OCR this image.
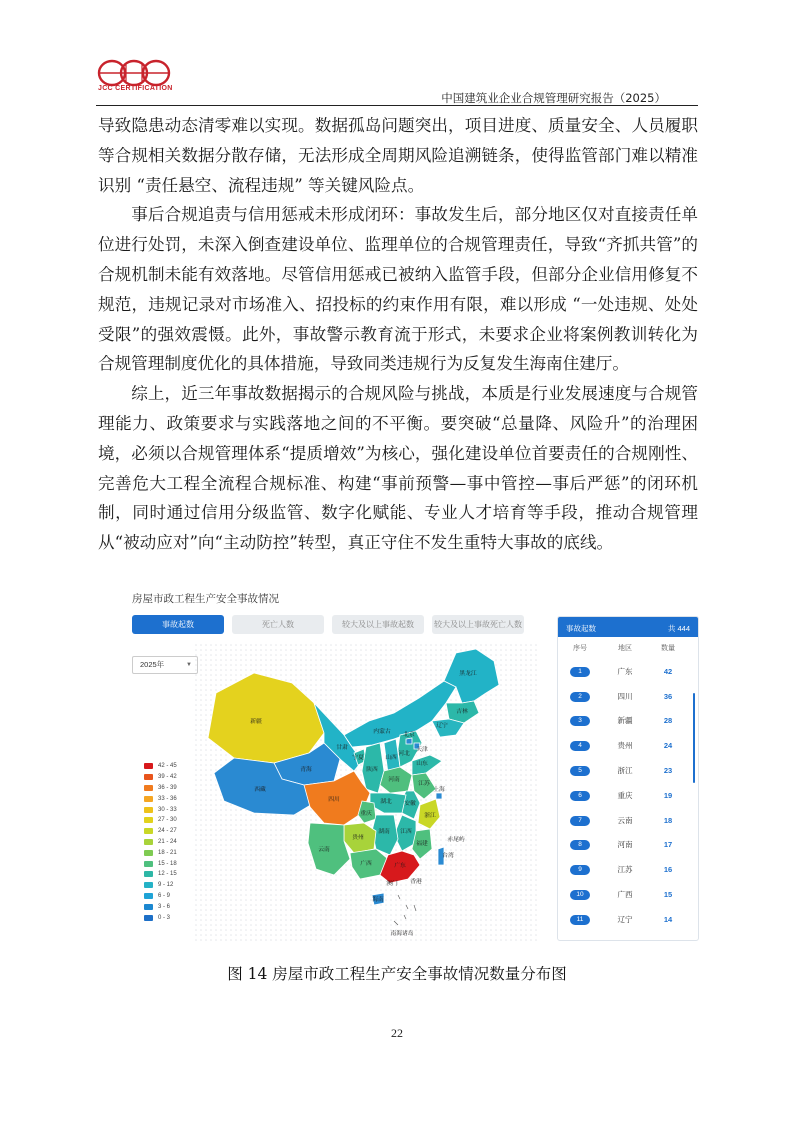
JCC CERTIFICATION
中国建筑业企业合规管理研究报告（2025）

导致隐患动态清零难以实现。数据孤岛问题突出，项目进度、质量安全、人员履职等合规相关数据分散存储，无法形成全周期风险追溯链条，使得监管部门难以精准识别 “责任悬空、流程违规” 等关键风险点。

事后合规追责与信用惩戒未形成闭环：事故发生后，部分地区仅对直接责任单位进行处罚，未深入倒查建设单位、监理单位的合规管理责任，导致“齐抓共管”的合规机制未能有效落地。尽管信用惩戒已被纳入监管手段，但部分企业信用修复不规范，违规记录对市场准入、招投标的约束作用有限，难以形成 “一处违规、处处受限”的强效震慑。此外，事故警示教育流于形式，未要求企业将案例教训转化为合规管理制度优化的具体措施，导致同类违规行为反复发生海南住建厅。

综上，近三年事故数据揭示的合规风险与挑战，本质是行业发展速度与合规管理能力、政策要求与实践落地之间的不平衡。要突破“总量降、风险升”的治理困境，必须以合规管理体系“提质增效”为核心，强化建设单位首要责任的合规刚性、完善危大工程全流程合规标准、构建“事前预警—事中管控—事后严惩”的闭环机制，同时通过信用分级监管、数字化赋能、专业人才培育等手段，推动合规管理从“被动应对”向“主动防控”转型，真正守住不发生重特大事故的底线。

房屋市政工程生产安全事故情况
事故起数	死亡人数	较大及以上事故起数	较大及以上事故死亡人数
2025年	▼
黑龙江
吉林
辽宁
内蒙古 北京
天津
河北
宁夏	山西
山东
新疆
甘肃
青海	陕西
河南
江苏
西藏
四川	湖北 安徽
上海
重庆
湖南 江西
浙江
贵州
福建
云南
广西	广东
台湾
澳门 香港
海南
赤尾屿
南海诸岛
42 - 45
39 - 42
36 - 39
33 - 36
30 - 33
27 - 30
24 - 27
21 - 24
18 - 21
15 - 18
12 - 15
9 - 12
6 - 9
3 - 6
0 - 3
事故起数	共 444
序号	地区	数量
1	广东	42
2	四川	36
3	新疆	28
4	贵州	24
5	浙江	23
6	重庆	19
7	云南	18
8	河南	17
9	江苏	16
10	广西	15
11	辽宁	14
图 14 房屋市政工程生产安全事故情况数量分布图
22
